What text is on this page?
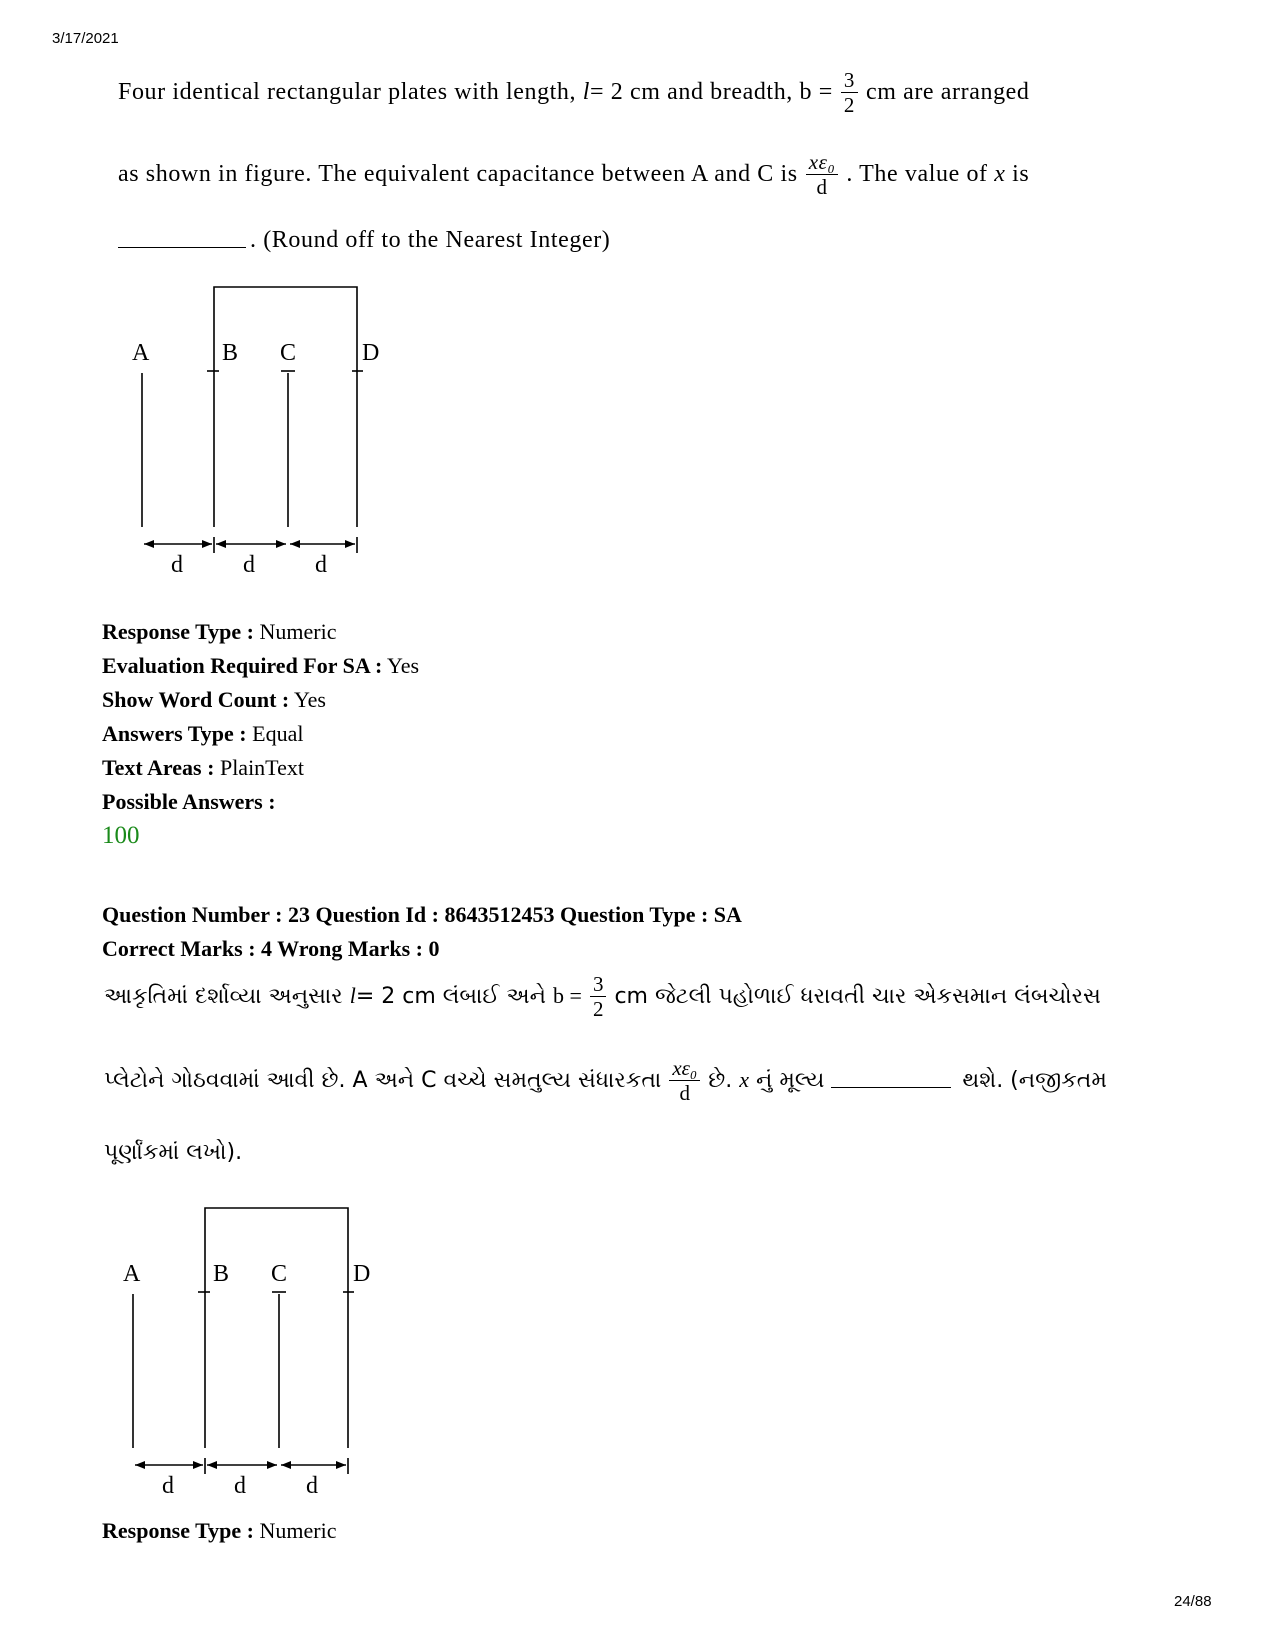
3/17/2021
Four identical rectangular plates with length,
l = 2 cm and breadth,
$b = \frac{3}{2}$ cm are arranged
as shown in figure. The equivalent capacitance between A and C is $\frac{\text{xε₀}}{d}$ . The value of
x
is
. (Round off to the Nearest Integer)
A	B C	D
d	d	d
Response Type : Numeric
Evaluation Required For SA : Yes
Show Word Count : Yes
Answers Type : Equal
Text Areas : PlainText
Possible Answers :
100
Question Number : 23 Question Id : 8643512453 Question Type : SA
Correct Marks : 4 Wrong Marks : 0
આકૃતિમાં દર્શાવ્યા અનુસાર
l = 2 cm લંબાઈ અને
$b = \frac{3}{2}$ cm જેટલી પહોળાઈ ધરાવતી ચાર એકસમાન લંબચોરસ
પ્લેટોને ગોઠવવામાં આવી છે. A અને C વચ્ચે સમતુલ્ય સંધારકતા $\frac{\text{xε₀}}{d}$ છે.
x
નું મૂલ્ય

	થશે. (નજીકતમ
પૂર્ણાંકમાં લખો).
A	B C	D
d	d	d
Response Type : Numeric
24/88
